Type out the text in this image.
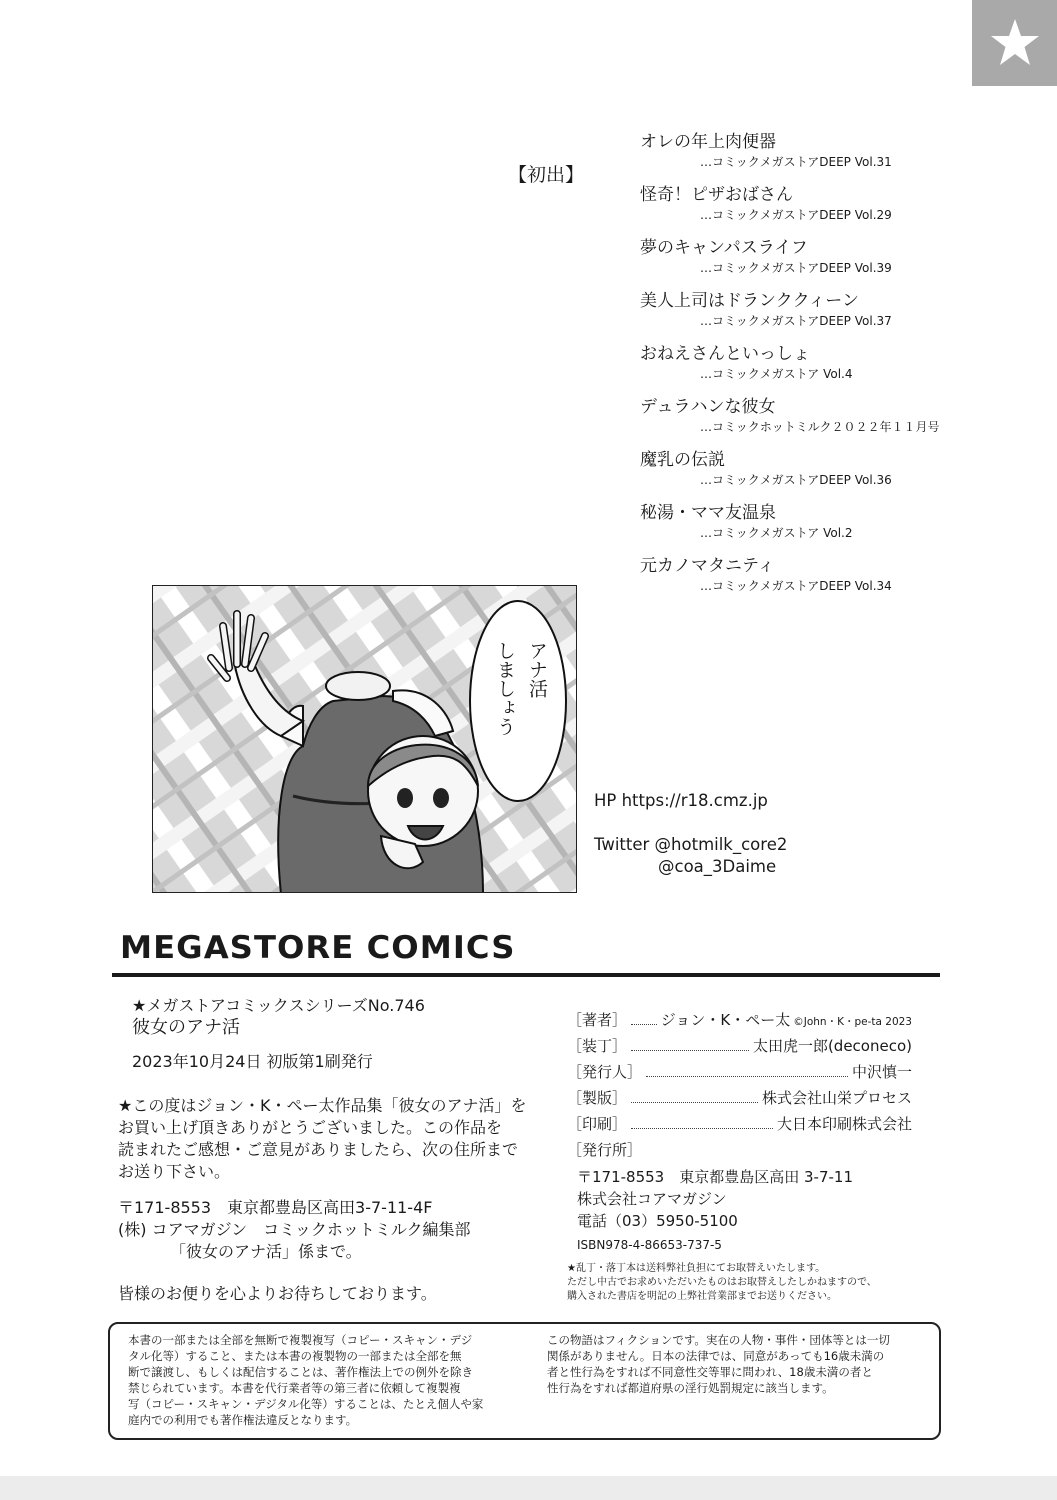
【初出】
オレの年上肉便器
…コミックメガストアDEEP Vol.31
怪奇！ピザおばさん
…コミックメガストアDEEP Vol.29
夢のキャンパスライフ
…コミックメガストアDEEP Vol.39
美人上司はドランククィーン
…コミックメガストアDEEP Vol.37
おねえさんといっしょ
…コミックメガストア Vol.4
デュラハンな彼女
…コミックホットミルク２０２２年１１月号
魔乳の伝説
…コミックメガストアDEEP Vol.36
秘湯・ママ友温泉
…コミックメガストア Vol.2
元カノマタニティ
…コミックメガストアDEEP Vol.34
アナ活
しましょう
HP https://r18.cmz.jp
Twitter @hotmilk_core2
@coa_3Daime
MEGASTORE COMICS
★メガストアコミックスシリーズNo.746
彼女のアナ活
2023年10月24日 初版第1刷発行
★この度はジョン・K・ペー太作品集「彼女のアナ活」を
お買い上げ頂きありがとうございました。この作品を
読まれたご感想・ご意見がありましたら、次の住所まで
お送り下さい。
〒171-8553　東京都豊島区高田3-7-11-4F
(株) コアマガジン　コミックホットミルク編集部
「彼女のアナ活」係まで。
皆様のお便りを心よりお待ちしております。
［著者］ ジョン・K・ペー太 ©John・K・pe-ta 2023
［装丁］	太田虎一郎(deconeco)
［発行人］	中沢慎一
［製版］	株式会社山栄プロセス
［印刷］	大日本印刷株式会社
［発行所］
〒171-8553　東京都豊島区高田 3-7-11
株式会社コアマガジン
電話（03）5950-5100
ISBN978-4-86653-737-5
★乱丁・落丁本は送料弊社負担にてお取替えいたします。
ただし中古でお求めいただいたものはお取替えしたしかねますので、
購入された書店を明記の上弊社営業部までお送りください。
本書の一部または全部を無断で複製複写（コピー・スキャン・デジ
タル化等）すること、または本書の複製物の一部または全部を無
断で譲渡し、もしくは配信することは、著作権法上での例外を除き
禁じられています。本書を代行業者等の第三者に依頼して複製複
写（コピー・スキャン・デジタル化等）することは、たとえ個人や家
庭内での利用でも著作権法違反となります。
この物語はフィクションです。実在の人物・事件・団体等とは一切
関係がありません。日本の法律では、同意があっても16歳未満の
者と性行為をすれば不同意性交等罪に問われ、18歳未満の者と
性行為をすれば都道府県の淫行処罰規定に該当します。
